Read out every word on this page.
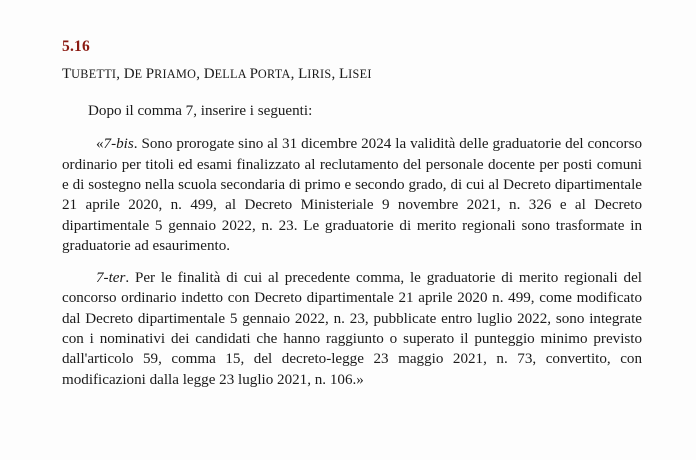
5.16
TUBETTI, DE PRIAMO, DELLA PORTA, LIRIS, LISEI

Dopo il comma 7, inserire i seguenti:

«7-bis. Sono prorogate sino al 31 dicembre 2024 la validità delle graduatorie del concorso ordinario per titoli ed esami finalizzato al reclutamento del personale docente per posti comuni e di sostegno nella scuola secondaria di primo e secondo grado, di cui al Decreto dipartimentale 21 aprile 2020, n. 499, al Decreto Ministeriale 9 novembre 2021, n. 326 e al Decreto dipartimentale 5 gennaio 2022, n. 23. Le graduatorie di merito regionali sono trasformate in graduatorie ad esaurimento.

7-ter. Per le finalità di cui al precedente comma, le graduatorie di merito regionali del concorso ordinario indetto con Decreto dipartimentale 21 aprile 2020 n. 499, come modificato dal Decreto dipartimentale 5 gennaio 2022, n. 23, pubblicate entro luglio 2022, sono integrate con i nominativi dei candidati che hanno raggiunto o superato il punteggio minimo previsto dall'articolo 59, comma 15, del decreto-legge 23 maggio 2021, n. 73, convertito, con modificazioni dalla legge 23 luglio 2021, n. 106.»
